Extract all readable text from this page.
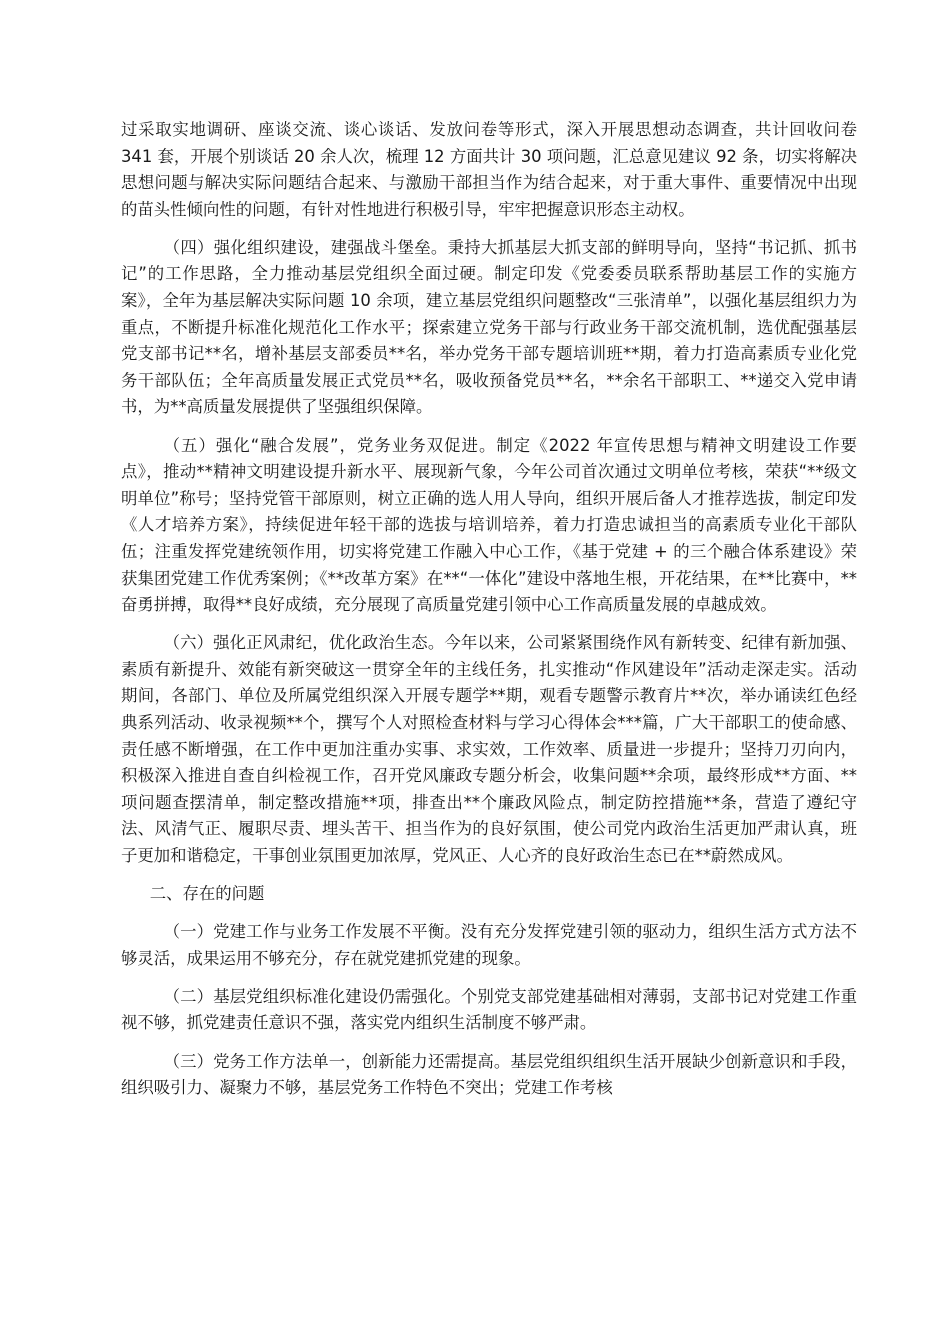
过采取实地调研、座谈交流、谈心谈话、发放问卷等形式，深入开展思想动态调查，共计回收问卷 341 套，开展个别谈话 20 余人次，梳理 12 方面共计 30 项问题，汇总意见建议 92 条，切实将解决思想问题与解决实际问题结合起来、与激励干部担当作为结合起来，对于重大事件、重要情况中出现的苗头性倾向性的问题，有针对性地进行积极引导，牢牢把握意识形态主动权。

（四）强化组织建设，建强战斗堡垒。秉持大抓基层大抓支部的鲜明导向，坚持“书记抓、抓书记”的工作思路，全力推动基层党组织全面过硬。制定印发《党委委员联系帮助基层工作的实施方案》，全年为基层解决实际问题 10 余项，建立基层党组织问题整改“三张清单”，以强化基层组织力为重点，不断提升标准化规范化工作水平；探索建立党务干部与行政业务干部交流机制，选优配强基层党支部书记**名，增补基层支部委员**名，举办党务干部专题培训班**期，着力打造高素质专业化党务干部队伍；全年高质量发展正式党员**名，吸收预备党员**名，**余名干部职工、**递交入党申请书，为**高质量发展提供了坚强组织保障。

（五）强化“融合发展”，党务业务双促进。制定《2022 年宣传思想与精神文明建设工作要点》，推动**精神文明建设提升新水平、展现新气象，今年公司首次通过文明单位考核，荣获“**级文明单位”称号；坚持党管干部原则，树立正确的选人用人导向，组织开展后备人才推荐选拔，制定印发《人才培养方案》，持续促进年轻干部的选拔与培训培养，着力打造忠诚担当的高素质专业化干部队伍；注重发挥党建统领作用，切实将党建工作融入中心工作，《基于党建 + 的三个融合体系建设》荣获集团党建工作优秀案例；《**改革方案》在**“一体化”建设中落地生根，开花结果，在**比赛中，**奋勇拼搏，取得**良好成绩，充分展现了高质量党建引领中心工作高质量发展的卓越成效。

（六）强化正风肃纪，优化政治生态。今年以来，公司紧紧围绕作风有新转变、纪律有新加强、素质有新提升、效能有新突破这一贯穿全年的主线任务，扎实推动“作风建设年”活动走深走实。活动期间，各部门、单位及所属党组织深入开展专题学**期，观看专题警示教育片**次，举办诵读红色经典系列活动、收录视频**个，撰写个人对照检查材料与学习心得体会***篇，广大干部职工的使命感、责任感不断增强，在工作中更加注重办实事、求实效，工作效率、质量进一步提升；坚持刀刃向内，积极深入推进自查自纠检视工作，召开党风廉政专题分析会，收集问题**余项，最终形成**方面、**项问题查摆清单，制定整改措施**项，排查出**个廉政风险点，制定防控措施**条，营造了遵纪守法、风清气正、履职尽责、埋头苦干、担当作为的良好氛围，使公司党内政治生活更加严肃认真，班子更加和谐稳定，干事创业氛围更加浓厚，党风正、人心齐的良好政治生态已在**蔚然成风。

二、存在的问题

（一）党建工作与业务工作发展不平衡。没有充分发挥党建引领的驱动力，组织生活方式方法不够灵活，成果运用不够充分，存在就党建抓党建的现象。

（二）基层党组织标准化建设仍需强化。个别党支部党建基础相对薄弱，支部书记对党建工作重视不够，抓党建责任意识不强，落实党内组织生活制度不够严肃。

（三）党务工作方法单一，创新能力还需提高。基层党组织组织生活开展缺少创新意识和手段，组织吸引力、凝聚力不够，基层党务工作特色不突出；党建工作考核
